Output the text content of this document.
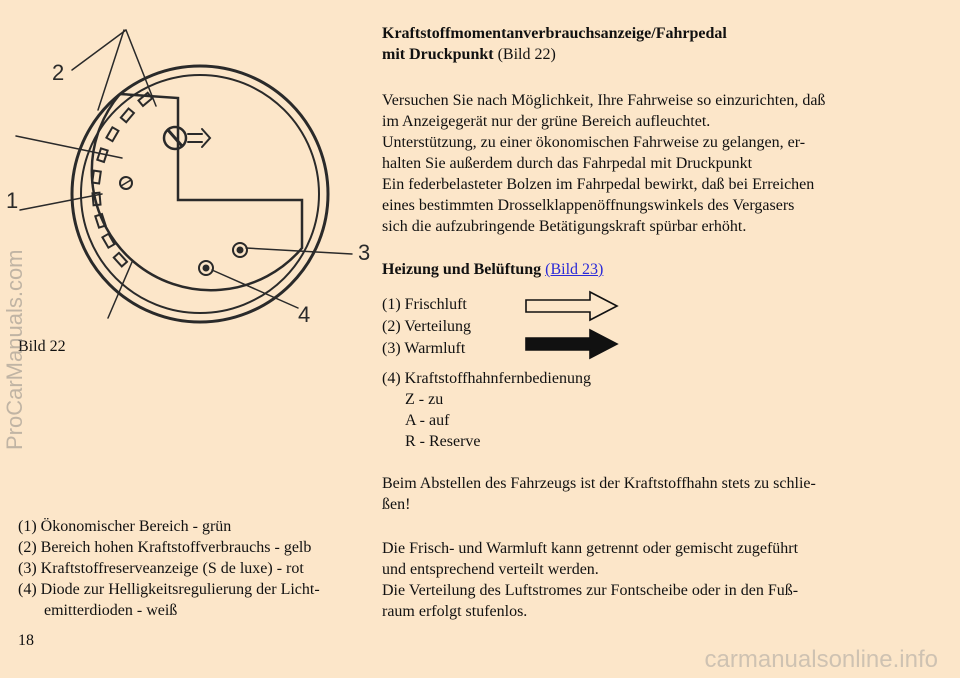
1
2
3
4
Bild 22
(1) Ökonomischer Bereich - grün
(2) Bereich hohen Kraftstoffverbrauchs - gelb
(3) Kraftstoffreserveanzeige (S de luxe) - rot
(4) Diode zur Helligkeitsregulierung der Licht-
emitterdioden - weiß
18
Kraftstoffmomentanverbrauchsanzeige/Fahrpedal
mit Druckpunkt (Bild 22)
Versuchen Sie nach Möglichkeit, Ihre Fahrweise so einzurichten, daß
im Anzeigegerät nur der grüne Bereich aufleuchtet.
Unterstützung, zu einer ökonomischen Fahrweise zu gelangen, er-
halten Sie außerdem durch das Fahrpedal mit Druckpunkt
Ein federbelasteter Bolzen im Fahrpedal bewirkt, daß bei Erreichen
eines bestimmten Drosselklappenöffnungswinkels des Vergasers
sich die aufzubringende Betätigungskraft spürbar erhöht.
Heizung und Belüftung (Bild 23)
(1) Frischluft
(2) Verteilung
(3) Warmluft
(4) Kraftstoffhahnfernbedienung
Z - zu
A - auf
R - Reserve
Beim Abstellen des Fahrzeugs ist der Kraftstoffhahn stets zu schlie-
ßen!
Die Frisch- und Warmluft kann getrennt oder gemischt zugeführt
und entsprechend verteilt werden.
Die Verteilung des Luftstromes zur Fontscheibe oder in den Fuß-
raum erfolgt stufenlos.
ProCarManuals.com
carmanualsonline.info
